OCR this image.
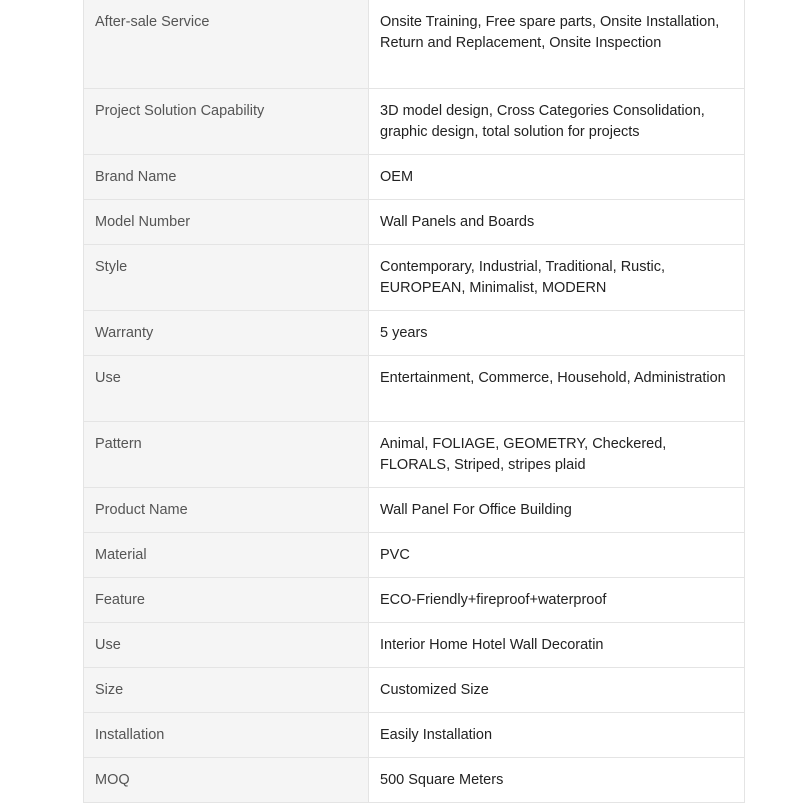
After-sale Service	Onsite Training, Free spare parts, Onsite Installation, Return and Replacement, Onsite Inspection
Project Solution Capability	3D model design, Cross Categories Consolidation, graphic design, total solution for projects
Brand Name	OEM
Model Number	Wall Panels and Boards
Style	Contemporary, Industrial, Traditional, Rustic, EUROPEAN, Minimalist, MODERN
Warranty	5 years
Use	Entertainment, Commerce, Household, Administration
Pattern	Animal, FOLIAGE, GEOMETRY, Checkered, FLORALS, Striped, stripes plaid
Product Name	Wall Panel For Office Building
Material	PVC
Feature	ECO-Friendly+fireproof+waterproof
Use	Interior Home Hotel Wall Decoratin
Size	Customized Size
Installation	Easily Installation
MOQ	500 Square Meters
